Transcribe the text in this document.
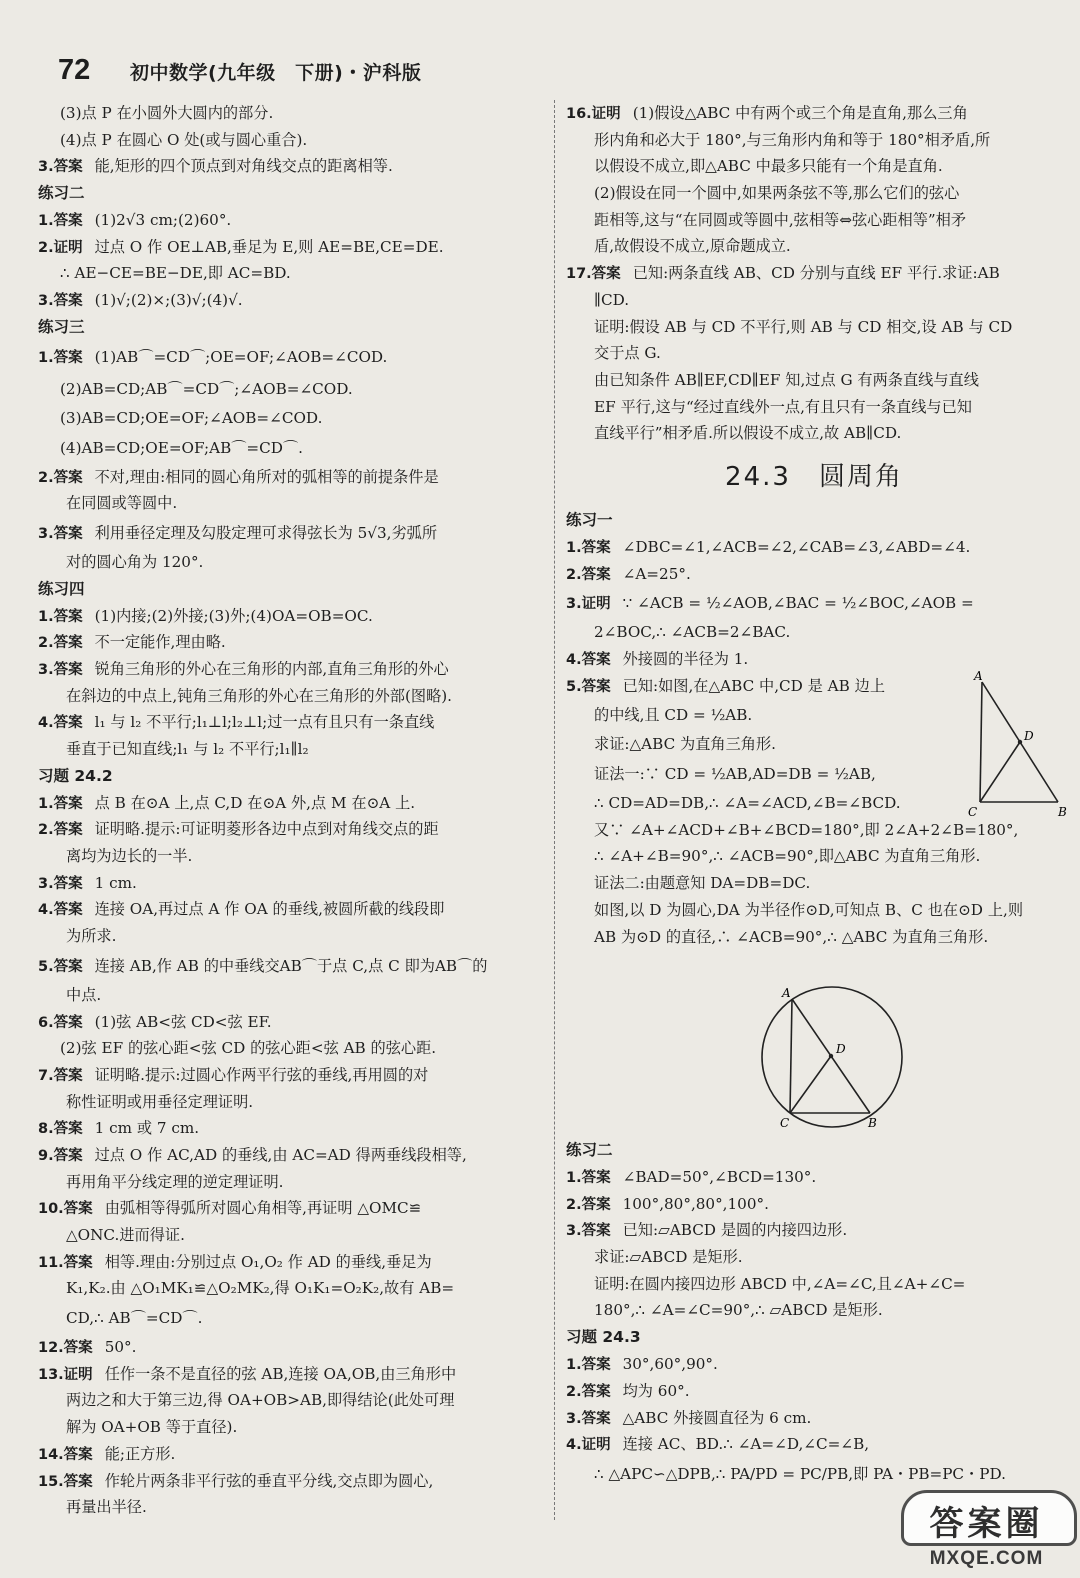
72 初中数学(九年级　下册)・沪科版
(3)点 P 在小圆外大圆内的部分.
(4)点 P 在圆心 O 处(或与圆心重合).
3.答案 能,矩形的四个顶点到对角线交点的距离相等.
练习二
1.答案 (1)2√3 cm;(2)60°.
2.证明 过点 O 作 OE⊥AB,垂足为 E,则 AE=BE,CE=DE.
∴ AE−CE=BE−DE,即 AC=BD.
3.答案 (1)√;(2)×;(3)√;(4)√.
练习三
1.答案 (1)AB⌒=CD⌒;OE=OF;∠AOB=∠COD.
(2)AB=CD;AB⌒=CD⌒;∠AOB=∠COD.
(3)AB=CD;OE=OF;∠AOB=∠COD.
(4)AB=CD;OE=OF;AB⌒=CD⌒.
2.答案 不对,理由:相同的圆心角所对的弧相等的前提条件是
在同圆或等圆中.
3.答案 利用垂径定理及勾股定理可求得弦长为 5√3,劣弧所
对的圆心角为 120°.
练习四
1.答案 (1)内接;(2)外接;(3)外;(4)OA=OB=OC.
2.答案 不一定能作,理由略.
3.答案 锐角三角形的外心在三角形的内部,直角三角形的外心
在斜边的中点上,钝角三角形的外心在三角形的外部(图略).
4.答案 l₁ 与 l₂ 不平行;l₁⊥l;l₂⊥l;过一点有且只有一条直线
垂直于已知直线;l₁ 与 l₂ 不平行;l₁∥l₂
习题 24.2
1.答案 点 B 在⊙A 上,点 C,D 在⊙A 外,点 M 在⊙A 上.
2.答案 证明略.提示:可证明菱形各边中点到对角线交点的距
离均为边长的一半.
3.答案 1 cm.
4.答案 连接 OA,再过点 A 作 OA 的垂线,被圆所截的线段即
为所求.
5.答案 连接 AB,作 AB 的中垂线交AB⌒于点 C,点 C 即为AB⌒的
中点.
6.答案 (1)弦 AB<弦 CD<弦 EF.
(2)弦 EF 的弦心距<弦 CD 的弦心距<弦 AB 的弦心距.
7.答案 证明略.提示:过圆心作两平行弦的垂线,再用圆的对
称性证明或用垂径定理证明.
8.答案 1 cm 或 7 cm.
9.答案 过点 O 作 AC,AD 的垂线,由 AC=AD 得两垂线段相等,
再用角平分线定理的逆定理证明.
10.答案 由弧相等得弧所对圆心角相等,再证明 △OMC≌
△ONC.进而得证.
11.答案 相等.理由:分别过点 O₁,O₂ 作 AD 的垂线,垂足为
K₁,K₂.由 △O₁MK₁≌△O₂MK₂,得 O₁K₁=O₂K₂,故有 AB=
CD,∴ AB⌒=CD⌒.
12.答案 50°.
13.证明 任作一条不是直径的弦 AB,连接 OA,OB,由三角形中
两边之和大于第三边,得 OA+OB>AB,即得结论(此处可理
解为 OA+OB 等于直径).
14.答案 能;正方形.
15.答案 作轮片两条非平行弦的垂直平分线,交点即为圆心,
再量出半径.
16.证明 (1)假设△ABC 中有两个或三个角是直角,那么三角
形内角和必大于 180°,与三角形内角和等于 180°相矛盾,所
以假设不成立,即△ABC 中最多只能有一个角是直角.
(2)假设在同一个圆中,如果两条弦不等,那么它们的弦心
距相等,这与“在同圆或等圆中,弦相等⇔弦心距相等”相矛
盾,故假设不成立,原命题成立.
17.答案 已知:两条直线 AB、CD 分别与直线 EF 平行.求证:AB
∥CD.
证明:假设 AB 与 CD 不平行,则 AB 与 CD 相交,设 AB 与 CD
交于点 G.
由已知条件 AB∥EF,CD∥EF 知,过点 G 有两条直线与直线
EF 平行,这与“经过直线外一点,有且只有一条直线与已知
直线平行”相矛盾.所以假设不成立,故 AB∥CD.
24.3　圆周角
练习一
1.答案 ∠DBC=∠1,∠ACB=∠2,∠CAB=∠3,∠ABD=∠4.
2.答案 ∠A=25°.
3.证明 ∵ ∠ACB = ½∠AOB,∠BAC = ½∠BOC,∠AOB =
2∠BOC,∴ ∠ACB=2∠BAC.
4.答案 外接圆的半径为 1.
5.答案 已知:如图,在△ABC 中,CD 是 AB 边上
的中线,且 CD = ½AB.
求证:△ABC 为直角三角形.
证法一:∵ CD = ½AB,AD=DB = ½AB,
∴ CD=AD=DB,∴ ∠A=∠ACD,∠B=∠BCD.
又∵ ∠A+∠ACD+∠B+∠BCD=180°,即 2∠A+2∠B=180°,
∴ ∠A+∠B=90°,∴ ∠ACB=90°,即△ABC 为直角三角形.
证法二:由题意知 DA=DB=DC.
如图,以 D 为圆心,DA 为半径作⊙D,可知点 B、C 也在⊙D 上,则
AB 为⊙D 的直径,∴ ∠ACB=90°,∴ △ABC 为直角三角形.
练习二
1.答案 ∠BAD=50°,∠BCD=130°.
2.答案 100°,80°,80°,100°.
3.答案 已知:▱ABCD 是圆的内接四边形.
求证:▱ABCD 是矩形.
证明:在圆内接四边形 ABCD 中,∠A=∠C,且∠A+∠C=
180°,∴ ∠A=∠C=90°,∴ ▱ABCD 是矩形.
习题 24.3
1.答案 30°,60°,90°.
2.答案 均为 60°.
3.答案 △ABC 外接圆直径为 6 cm.
4.证明 连接 AC、BD.∴ ∠A=∠D,∠C=∠B,
∴ △APC∽△DPB,∴ PA/PD = PC/PB,即 PA・PB=PC・PD.
A
D
C	B
A
D
C	B
答案圈
MXQE.COM
